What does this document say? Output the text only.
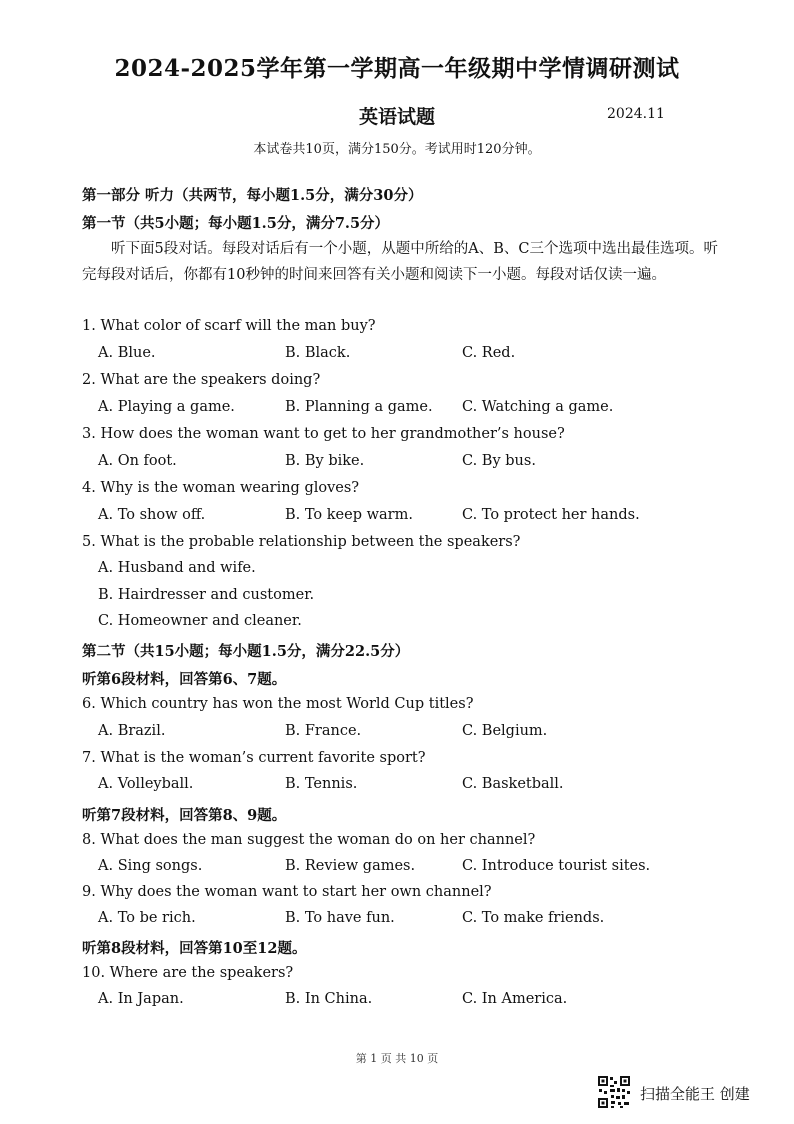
2024-2025学年第一学期高一年级期中学情调研测试
英语试题	2024.11
本试卷共10页，满分150分。考试用时120分钟。
第一部分 听力（共两节，每小题1.5分，满分30分）
第一节（共5小题；每小题1.5分，满分7.5分）
听下面5段对话。每段对话后有一个小题，从题中所给的A、B、C三个选项中选出最佳选项。听完每段对话后，你都有10秒钟的时间来回答有关小题和阅读下一小题。每段对话仅读一遍。
1. What color of scarf will the man buy?
A. Blue.	B. Black.	C. Red.
2. What are the speakers doing?
A. Playing a game.	B. Planning a game. C. Watching a game.
3. How does the woman want to get to her grandmother’s house?
A. On foot.	B. By bike.	C. By bus.
4. Why is the woman wearing gloves?
A. To show off.	B. To keep warm.	C. To protect her hands.
5. What is the probable relationship between the speakers?
A. Husband and wife.
B. Hairdresser and customer.
C. Homeowner and cleaner.
第二节（共15小题；每小题1.5分，满分22.5分）
听第6段材料，回答第6、7题。
6. Which country has won the most World Cup titles?
A. Brazil.	B. France.	C. Belgium.
7. What is the woman’s current favorite sport?
A. Volleyball.	B. Tennis.	C. Basketball.
听第7段材料，回答第8、9题。
8. What does the man suggest the woman do on her channel?
A. Sing songs.	B. Review games.	C. Introduce tourist sites.
9. Why does the woman want to start her own channel?
A. To be rich.	B. To have fun.	C. To make friends.
听第8段材料，回答第10至12题。
10. Where are the speakers?
A. In Japan.	B. In China.	C. In America.
第 1 页 共 10 页
扫描全能王 创建
